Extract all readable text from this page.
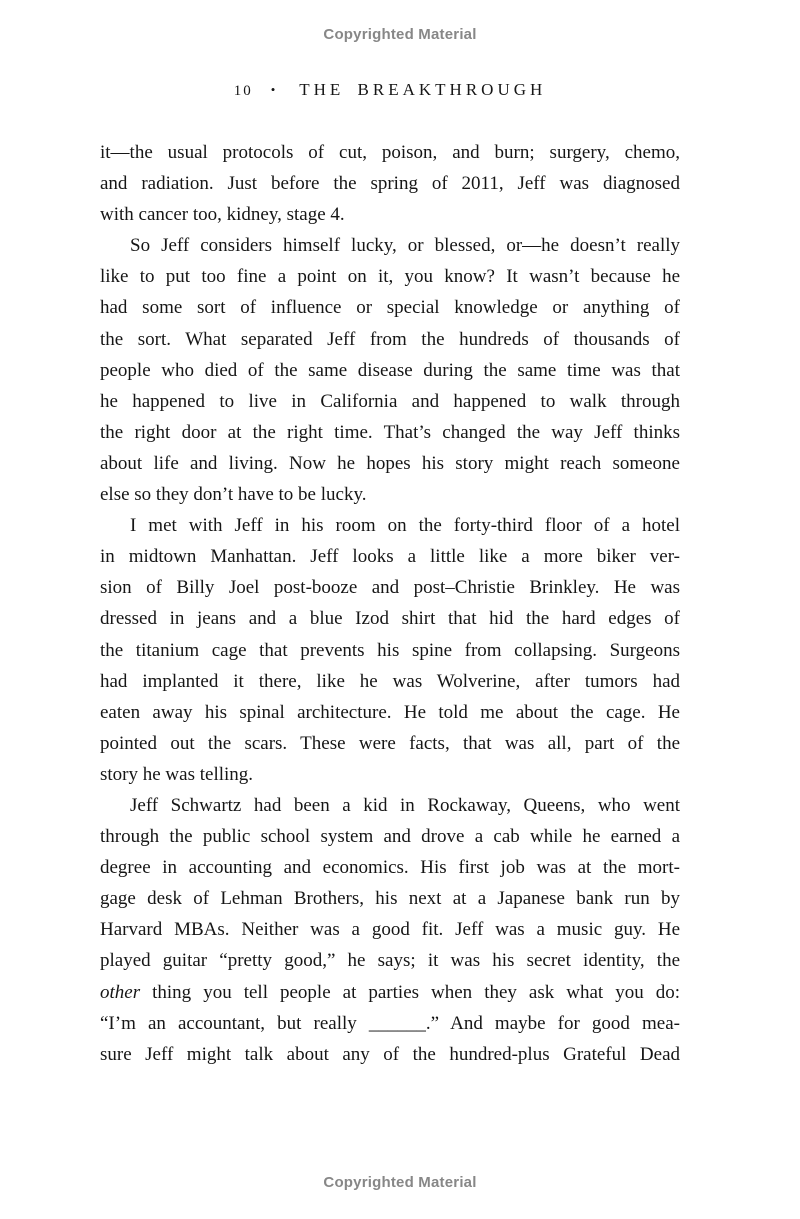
Copyrighted Material
10 • THE BREAKTHROUGH
it—the usual protocols of cut, poison, and burn; surgery, chemo,
and radiation. Just before the spring of 2011, Jeff was diagnosed
with cancer too, kidney, stage 4.
So Jeff considers himself lucky, or blessed, or—he doesn’t really
like to put too fine a point on it, you know? It wasn’t because he
had some sort of influence or special knowledge or anything of
the sort. What separated Jeff from the hundreds of thousands of
people who died of the same disease during the same time was that
he happened to live in California and happened to walk through
the right door at the right time. That’s changed the way Jeff thinks
about life and living. Now he hopes his story might reach someone
else so they don’t have to be lucky.
I met with Jeff in his room on the forty-third floor of a hotel
in midtown Manhattan. Jeff looks a little like a more biker ver-
sion of Billy Joel post-booze and post–Christie Brinkley. He was
dressed in jeans and a blue Izod shirt that hid the hard edges of
the titanium cage that prevents his spine from collapsing. Surgeons
had implanted it there, like he was Wolverine, after tumors had
eaten away his spinal architecture. He told me about the cage. He
pointed out the scars. These were facts, that was all, part of the
story he was telling.
Jeff Schwartz had been a kid in Rockaway, Queens, who went
through the public school system and drove a cab while he earned a
degree in accounting and economics. His first job was at the mort-
gage desk of Lehman Brothers, his next at a Japanese bank run by
Harvard MBAs. Neither was a good fit. Jeff was a music guy. He
played guitar “pretty good,” he says; it was his secret identity, the
other thing you tell people at parties when they ask what you do:
“I’m an accountant, but really ______.” And maybe for good mea-
sure Jeff might talk about any of the hundred-plus Grateful Dead
Copyrighted Material
